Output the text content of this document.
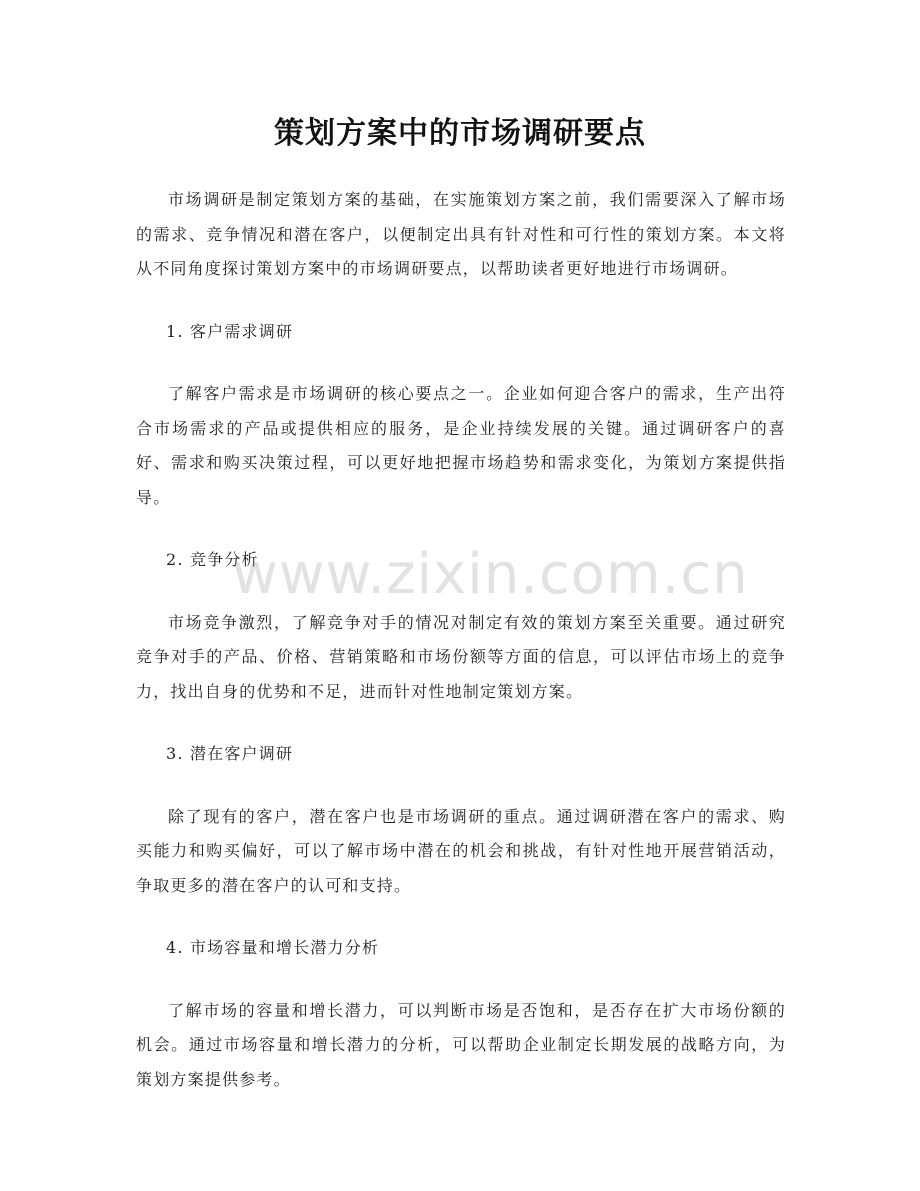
策划方案中的市场调研要点

市场调研是制定策划方案的基础，在实施策划方案之前，我们需要深入了解市场的需求、竞争情况和潜在客户，以便制定出具有针对性和可行性的策划方案。本文将从不同角度探讨策划方案中的市场调研要点，以帮助读者更好地进行市场调研。

1. 客户需求调研

了解客户需求是市场调研的核心要点之一。企业如何迎合客户的需求，生产出符合市场需求的产品或提供相应的服务，是企业持续发展的关键。通过调研客户的喜好、需求和购买决策过程，可以更好地把握市场趋势和需求变化，为策划方案提供指导。

2. 竞争分析

市场竞争激烈，了解竞争对手的情况对制定有效的策划方案至关重要。通过研究竞争对手的产品、价格、营销策略和市场份额等方面的信息，可以评估市场上的竞争力，找出自身的优势和不足，进而针对性地制定策划方案。

3. 潜在客户调研

除了现有的客户，潜在客户也是市场调研的重点。通过调研潜在客户的需求、购买能力和购买偏好，可以了解市场中潜在的机会和挑战，有针对性地开展营销活动，争取更多的潜在客户的认可和支持。

4. 市场容量和增长潜力分析

了解市场的容量和增长潜力，可以判断市场是否饱和，是否存在扩大市场份额的机会。通过市场容量和增长潜力的分析，可以帮助企业制定长期发展的战略方向，为策划方案提供参考。

www.zixin.com.cn
